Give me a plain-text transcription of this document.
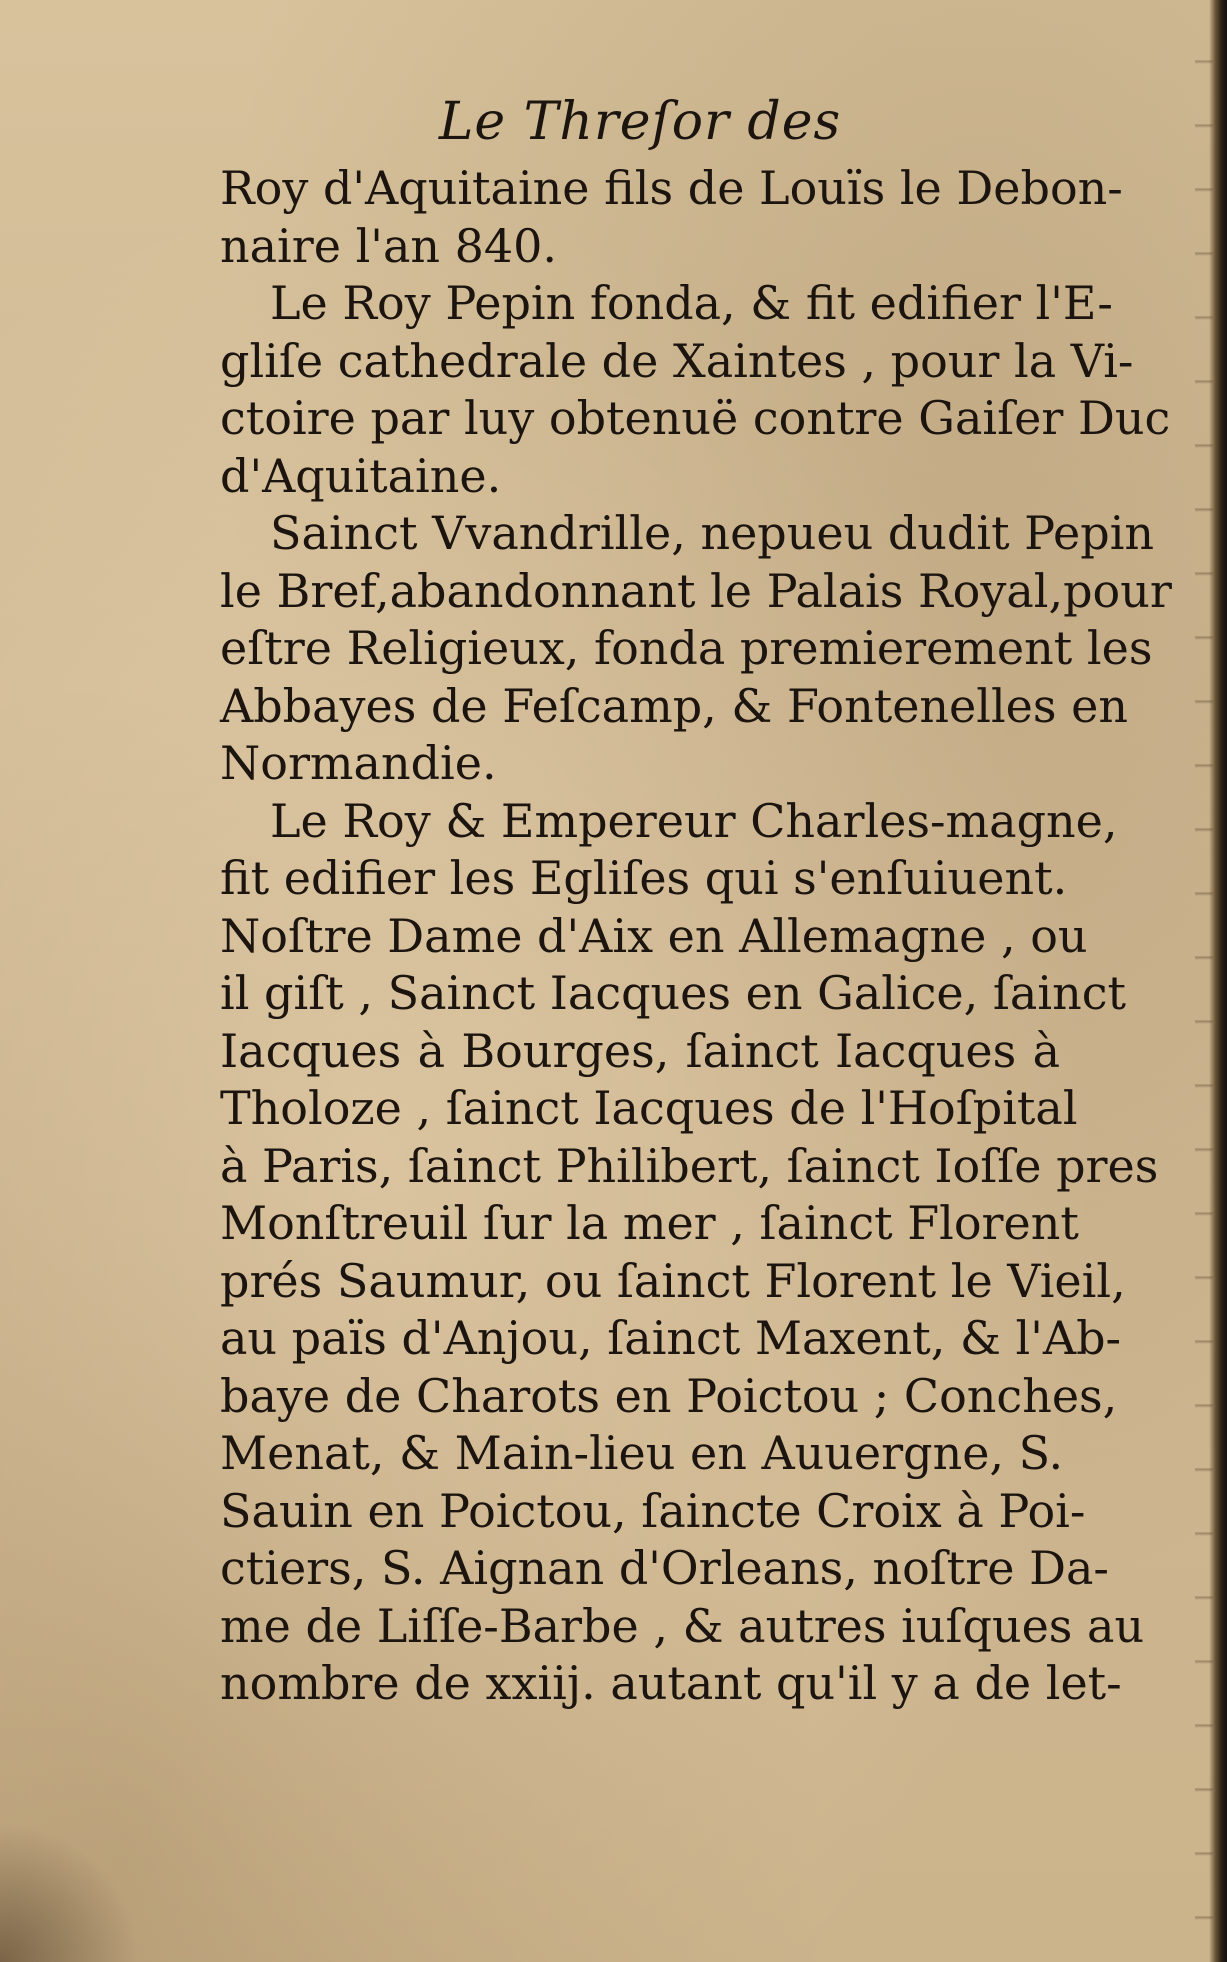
Le Threſor des
Roy d'Aquitaine fils de Louïs le Debon-
naire l'an 840.
Le Roy Pepin fonda, & fit edifier l'E-
gliſe cathedrale de Xaintes , pour la Vi-
ctoire par luy obtenuë contre Gaiſer Duc
d'Aquitaine.
Sainct Vvandrille, nepueu dudit Pepin
le Bref,abandonnant le Palais Royal,pour
eſtre Religieux, fonda premierement les
Abbayes de Feſcamp, & Fontenelles en
Normandie.
Le Roy & Empereur Charles-magne,
fit edifier les Egliſes qui s'enſuiuent.
Noſtre Dame d'Aix en Allemagne , ou
il giſt , Sainct Iacques en Galice, ſainct
Iacques à Bourges, ſainct Iacques à
Tholoze , ſainct Iacques de l'Hoſpital
à Paris, ſainct Philibert, ſainct Ioſſe pres
Monſtreuil ſur la mer , ſainct Florent
prés Saumur, ou ſainct Florent le Vieil,
au païs d'Anjou, ſainct Maxent, & l'Ab-
baye de Charots en Poictou ; Conches,
Menat, & Main-lieu en Auuergne, S.
Sauin en Poictou, ſaincte Croix à Poi-
ctiers, S. Aignan d'Orleans, noſtre Da-
me de Liſſe-Barbe , & autres iuſques au
nombre de xxiij. autant qu'il y a de let-
